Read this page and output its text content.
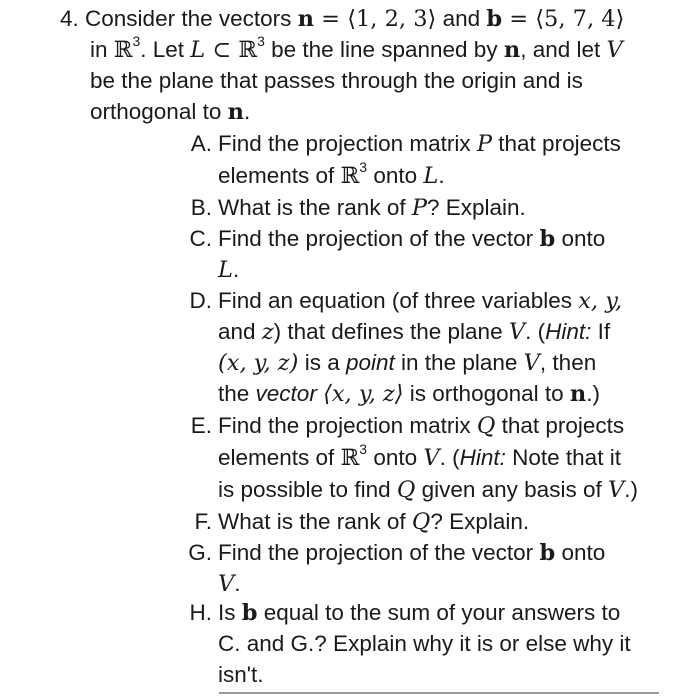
4. Consider the vectors n = ⟨1, 2, 3⟩ and b = ⟨5, 7, 4⟩
in ℝ$^3$. Let L ⊂ ℝ$^3$ be the line spanned by n, and let V
be the plane that passes through the origin and is
orthogonal to n.
A. Find the projection matrix P that projects
elements of ℝ$^3$ onto L.
B. What is the rank of P? Explain.
C. Find the projection of the vector b onto
L.
D. Find an equation (of three variables x, y,
and z) that defines the plane V. (Hint: If
(x, y, z) is a point in the plane V, then
the vector ⟨x, y, z⟩ is orthogonal to n.)
E. Find the projection matrix Q that projects
elements of ℝ$^3$ onto V. (Hint: Note that it
is possible to find Q given any basis of V.)
F. What is the rank of Q? Explain.
G. Find the projection of the vector b onto
V.
H. Is b equal to the sum of your answers to
C. and G.? Explain why it is or else why it
isn't.
